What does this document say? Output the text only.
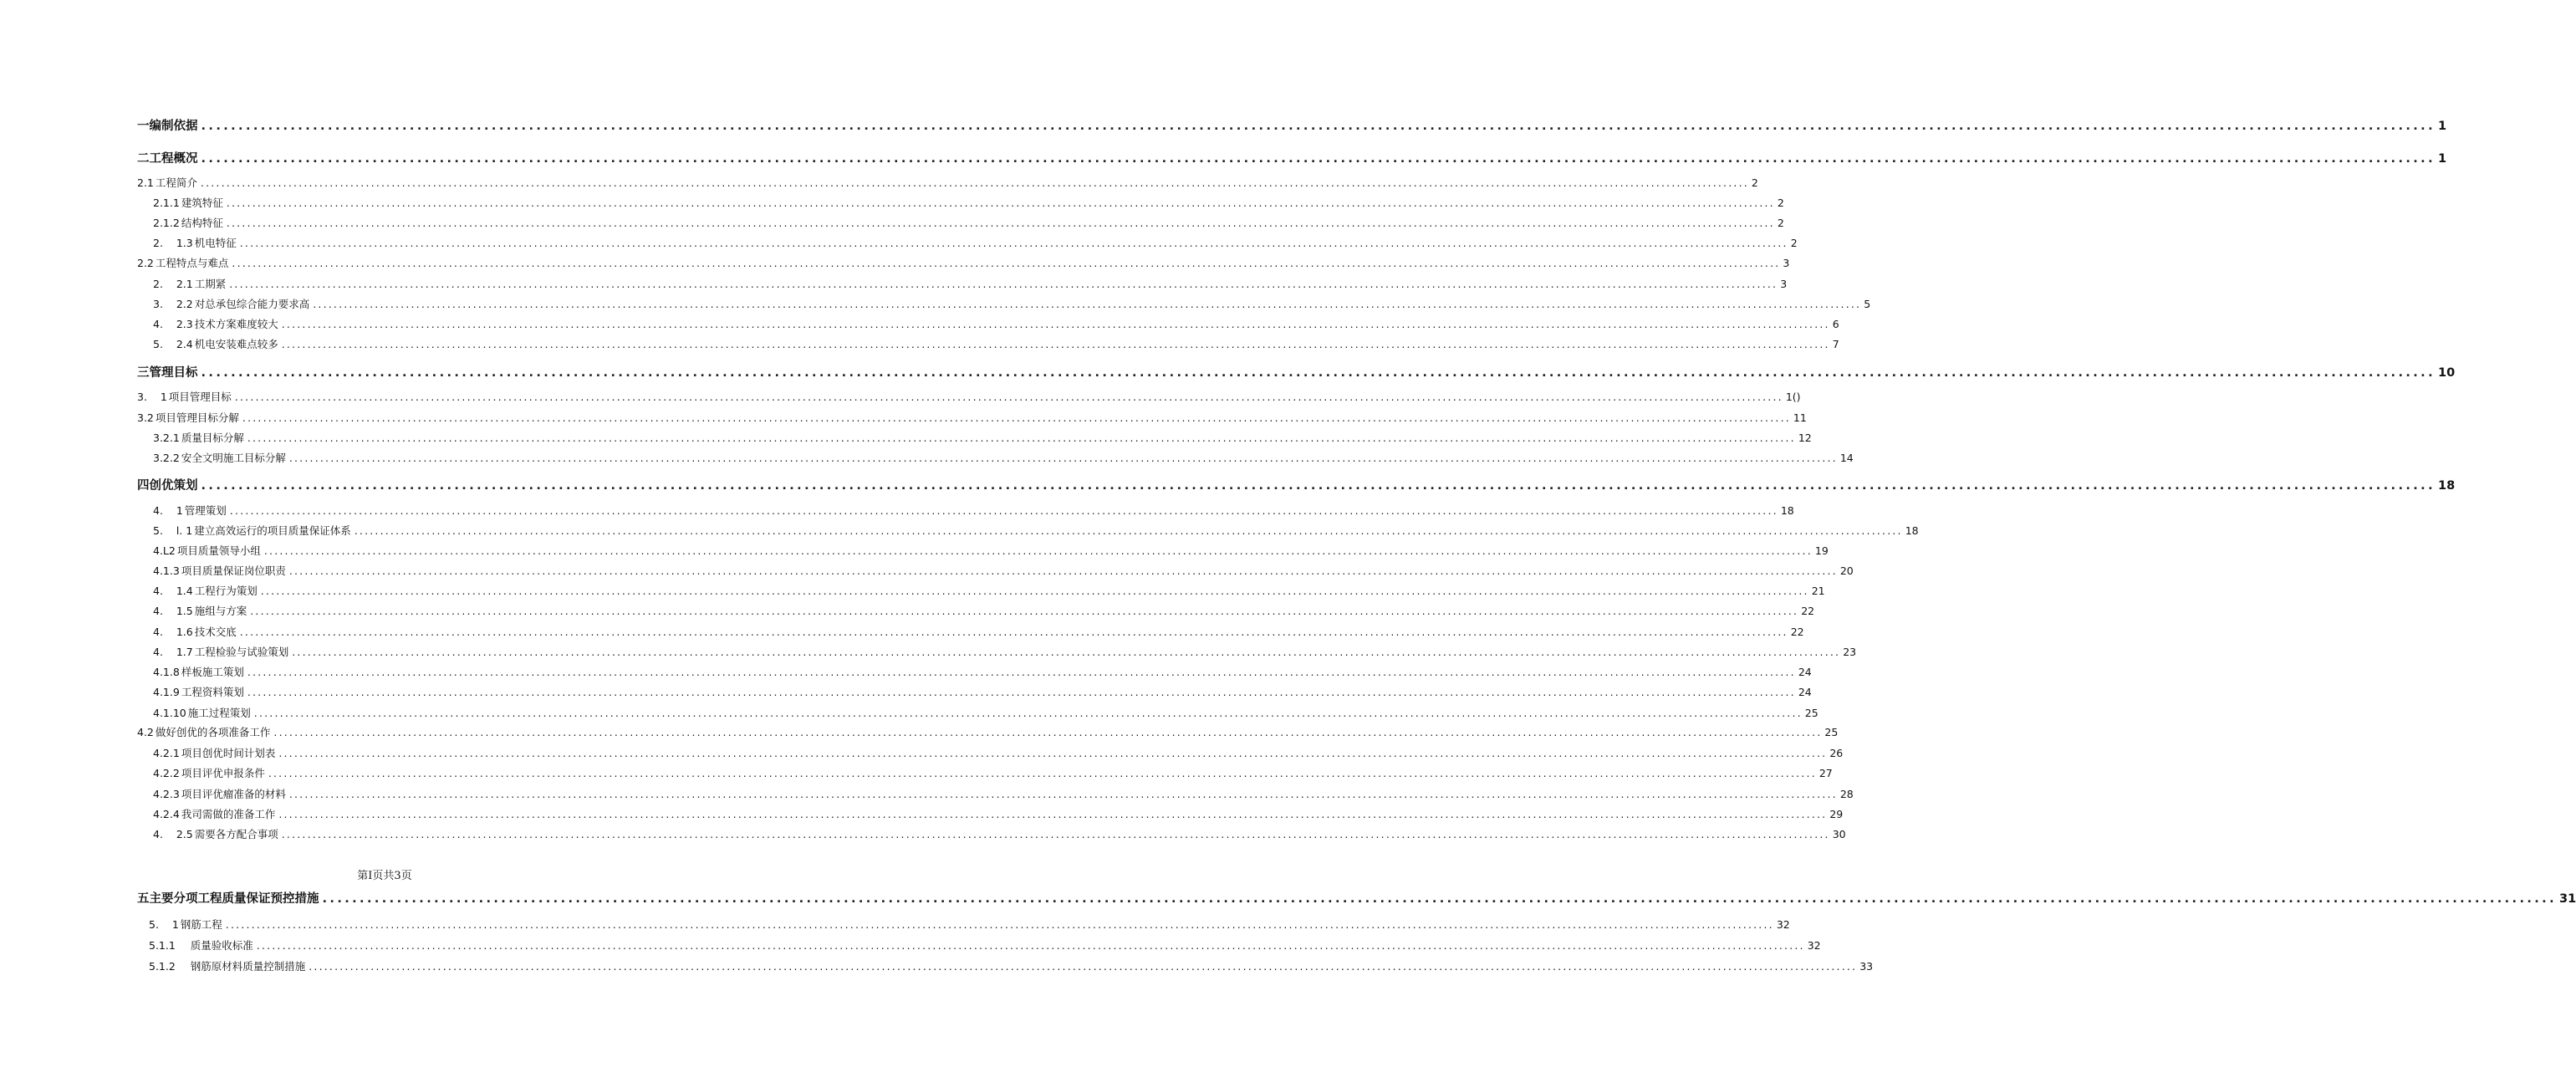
一编制依据 ............................................................................................................................................................................................................................................................................................................ 1
二工程概况 ............................................................................................................................................................................................................................................................................................................ 1
2.1 工程简介 ............................................................................................................................................................................................................................................................................................................ 2
2.1.1 建筑特征 ............................................................................................................................................................................................................................................................................................................ 2
2.1.2 结构特征 ............................................................................................................................................................................................................................................................................................................ 2
2.    1.3 机电特征 ............................................................................................................................................................................................................................................................................................................ 2
2.2 工程特点与难点 ............................................................................................................................................................................................................................................................................................................ 3
2.    2.1 工期紧 ............................................................................................................................................................................................................................................................................................................ 3
3.    2.2 对总承包综合能力要求高 ............................................................................................................................................................................................................................................................................................................ 5
4.    2.3 技术方案难度较大 ............................................................................................................................................................................................................................................................................................................ 6
5.    2.4 机电安装难点较多 ............................................................................................................................................................................................................................................................................................................ 7
三管理目标 ............................................................................................................................................................................................................................................................................................................ 10
3.    1 项目管理目标 ............................................................................................................................................................................................................................................................................................................ 1()
3.2 项目管理目标分解 ............................................................................................................................................................................................................................................................................................................ 11
3.2.1 质量目标分解 ............................................................................................................................................................................................................................................................................................................ 12
3.2.2 安全文明施工目标分解 ............................................................................................................................................................................................................................................................................................................ 14
四创优策划 ............................................................................................................................................................................................................................................................................................................ 18
4.    1 管理策划 ............................................................................................................................................................................................................................................................................................................ 18
5.    l. 1 建立高效运行的项目质量保证体系 ............................................................................................................................................................................................................................................................................................................ 18
4.L2 项目质量领导小组 ............................................................................................................................................................................................................................................................................................................ 19
4.1.3 项目质量保证岗位职责 ............................................................................................................................................................................................................................................................................................................ 20
4.    1.4 工程行为策划 ............................................................................................................................................................................................................................................................................................................ 21
4.    1.5 施组与方案 ............................................................................................................................................................................................................................................................................................................ 22
4.    1.6 技术交底 ............................................................................................................................................................................................................................................................................................................ 22
4.    1.7 工程检验与试验策划 ............................................................................................................................................................................................................................................................................................................ 23
4.1.8 样板施工策划 ............................................................................................................................................................................................................................................................................................................ 24
4.1.9 工程资料策划 ............................................................................................................................................................................................................................................................................................................ 24
4.1.10 施工过程策划 ............................................................................................................................................................................................................................................................................................................ 25
4.2 做好创优的各项准备工作 ............................................................................................................................................................................................................................................................................................................ 25
4.2.1 项目创优时间计划表 ............................................................................................................................................................................................................................................................................................................ 26
4.2.2 项目评优申报条件 ............................................................................................................................................................................................................................................................................................................ 27
4.2.3 项目评优瘤准备的材料 ............................................................................................................................................................................................................................................................................................................ 28
4.2.4 我司需做的准备工作 ............................................................................................................................................................................................................................................................................................................ 29
4.    2.5 需要各方配合事项 ............................................................................................................................................................................................................................................................................................................ 30
五主要分项工程质量保证预控措施 ............................................................................................................................................................................................................................................................................................................ 31
5.    1 钢筋工程 ............................................................................................................................................................................................................................................................................................................ 32
5.1.1 质量验收标准 ............................................................................................................................................................................................................................................................................................................ 32
5.1.2 钢筋原材料质量控制措施 ............................................................................................................................................................................................................................................................................................................ 33
第Ⅰ页共3页
